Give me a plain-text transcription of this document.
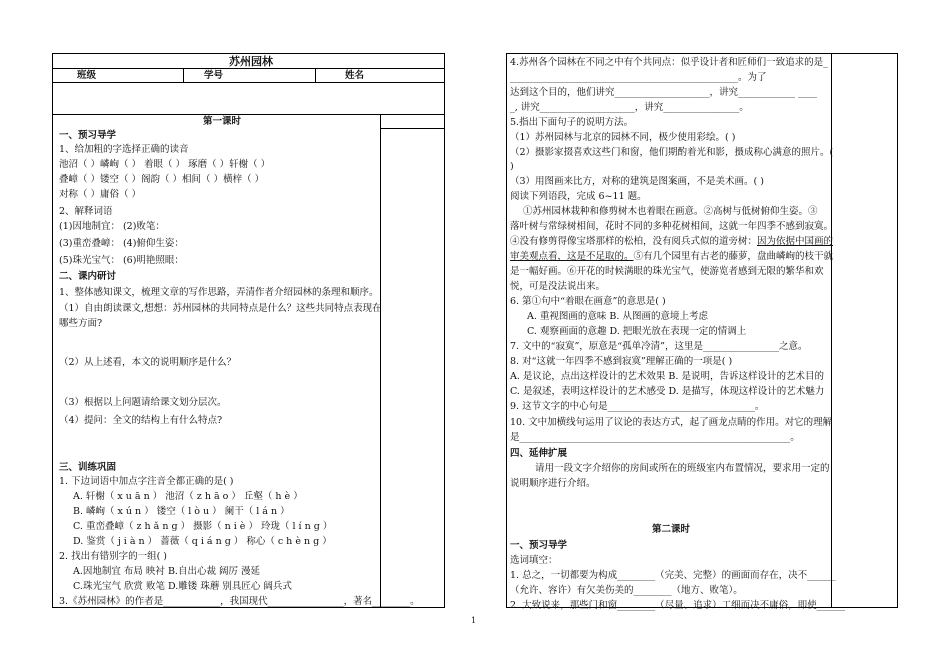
苏州园林
班级	学号	姓名
第一课时
一、预习导学
1、给加粗的字选择正确的读音
池沼（ ）嶙峋（ ） 着眼（ ） 琢磨（ ）轩榭（ ）
叠嶂（ ）镂空（ ）阁韵（ ）相间（ ）横梓（ ）
对称（ ）庸俗（ ）
2、解释词语
(1)因地制宜： (2)败笔：
(3)重峦叠嶂： (4)俯仰生姿：
(5)珠光宝气： (6)明艳照眼：
二、课内研讨
1、整体感知课文，梳理文章的写作思路，弄清作者介绍园林的条理和顺序。
（1）自由朗读课文,想想：苏州园林的共同特点是什么？这些共同特点表现在
哪些方面?
（2）从上述看，本文的说明顺序是什么？
（3）根据以上问题请给课文划分层次。
（4）提问：全文的结构上有什么特点?
三、训练巩固
1. 下边词语中加点字注音全都正确的是( )
A. 轩榭（ x u ā n ） 池沼（ z h ā o ） 丘壑（ h è ）
B. 嶙峋（ x ú n ） 镂空（ l ò u ） 阑干（ l á n ）
C. 重峦叠嶂（ z h ǎ n g ） 摄影（ n i è ） 玲珑（ l í n g ）
D. 鉴赏（ j i à n ） 蔷薇（ q i á n g ） 称心（ c h è n g ）
2. 找出有错别字的一组( )
A.因地制宜 布局 映衬 B.自出心裁 阔厉 漫延
C.珠光宝气 欣赏 败笔 D.雕镂 珠蘑 别具匠心 阔兵式
3.《苏州园林》的作者是____________，我国现代________________，著名________。
4.苏州各个园林在不同之中有个共同点：似乎设计者和匠师们一致追求的是_
________________________________________________。为了
达到这个目的，他们讲究____________________，讲究____________ ____
_, 讲究____________________，讲究________________。
5.指出下面句子的说明方法。
（1）苏州园林与北京的园林不同，极少使用彩绘。( )
（2）摄影家掇喜欢这些门和窗，他们期酌着光和影，摄成称心满意的照片。(
)
（3）用图画来比方，对称的建筑是图案画，不是美术画。( )
阅读下列语段，完成 6~11 题。
①苏州园林栽种和修剪树木也着眼在画意。②高树与低树俯仰生姿。③
落叶树与常绿树相间，花时不同的多种花树相间，这就一年四季不感到寂寞。
④没有修剪得像宝塔那样的松柏，没有阅兵式似的道旁树：因为依据中国画的
审美观点看，这是不足取的。⑤有几个园里有古老的藤萝，盘曲嶙峋的枝干就
是一幅好画。⑥开花的时候满眼的珠光宝气，使游览者感到无限的繁华和欢
悦，可是没法说出来。
6. 第①句中“着眼在画意”的意思是( )
A. 重视图画的意味 B. 从图画的意境上考虑
C. 观察画面的意趣 D. 把眼光放在表现一定的情调上
7. 文中的“寂寞”，原意是“孤单冷清”，这里是________________之意。
8. 对“这就一年四季不感到寂寞”理解正确的一项是( )
A. 是议论，点出这样设计的艺术效果 B. 是说明，告诉这样设计的艺术目的
C. 是叙述，表明这样设计的艺术感受 D. 是描写，体现这样设计的艺术魅力
9. 这节文字的中心句是_______________________________。
10. 文中加横线句运用了议论的表达方式，起了画龙点睛的作用。对它的理解
是_________________________________________________________。
四、延伸扩展
请用一段文字介绍你的房间或所在的班级室内布置情况，要求用一定的
说明顺序进行介绍。
第二课时
一、预习导学
选词填空：
1. 总之，一切都要为构成________（完美、完整）的画面而存在，决不______
（允许、容许）有欠美伤美的________（地方、败笔）。
2. 大致说来，那些门和窗________（尽量、追求）工细而决不庸俗，即使______
1
